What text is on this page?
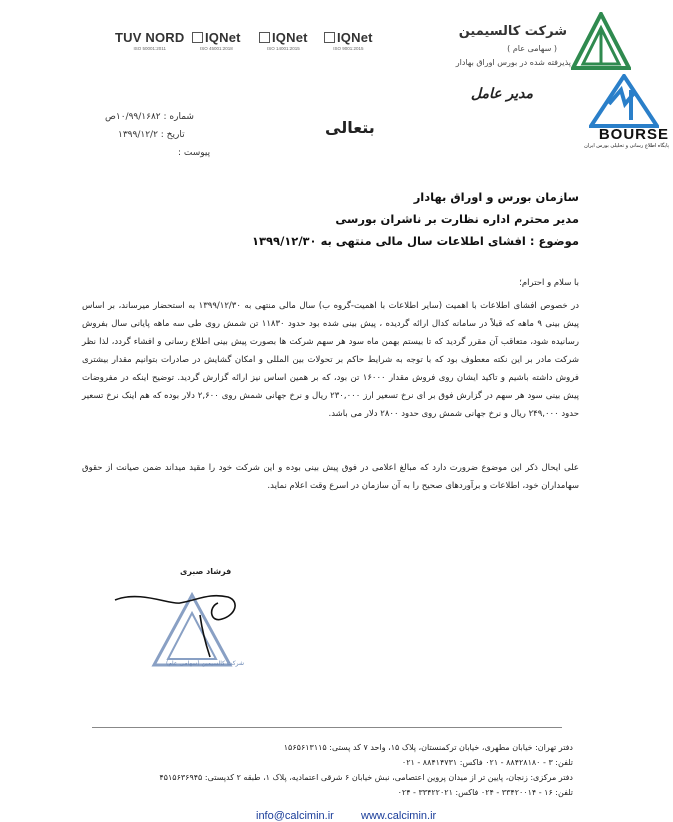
TUV NORD
ISO 50001:2011
IQNet
ISO 45001:2018
IQNet
ISO 14001:2015
IQNet
ISO 9001:2015
شرکت کالسیمین
( سهامی عام )
پذیرفته شده در بورس اوراق بهادار
مدیر عامل
BOURSE
پایگاه اطلاع رسانی و تحلیلی بورس ایران
شماره : ۱۰/۹۹/۱۶۸۲ص
تاریخ : ۱۳۹۹/۱۲/۲
پیوست :
بتعالی
سازمان بورس و اوراق بهادار
مدیر محترم اداره نظارت بر ناشران بورسی
موضوع : افشای اطلاعات سال مالی منتهی به ۱۳۹۹/۱۲/۳۰
با سلام و احترام؛
در خصوص افشای اطلاعات با اهمیت (سایر اطلاعات با اهمیت-گروه ب) سال مالی منتهی به ۱۳۹۹/۱۲/۳۰ به استحضار میرساند، بر اساس پیش بینی ۹ ماهه که قبلاً در سامانه کدال ارائه گردیده ، پیش بینی شده بود حدود ۱۱۸۳۰ تن شمش روی طی سه ماهه پایانی سال بفروش رسانیده شود، متعاقب آن مقرر گردید که تا بیستم بهمن ماه سود هر سهم شرکت ها بصورت پیش بینی اطلاع رسانی و افشاء گردد، لذا نظر شرکت مادر بر این نکته معطوف بود که با توجه به شرایط حاکم بر تحولات بین المللی و امکان گشایش در صادرات بتوانیم مقدار بیشتری فروش داشته باشیم و تاکید ایشان روی فروش مقدار ۱۶۰۰۰ تن بود، که بر همین اساس نیز ارائه گزارش گردید. توضیح اینکه در مفروضات پیش بینی سود هر سهم در گزارش فوق بر ای نرخ تسعیر ارز ۲۳۰,۰۰۰ ریال و نرخ جهانی شمش روی ۲,۶۰۰ دلار بوده که هم اینک نرخ تسعیر حدود ۲۴۹,۰۰۰ ریال و نرخ جهانی شمش روی حدود ۲۸۰۰ دلار می باشد.
علی ایحال ذکر این موضوع ضرورت دارد که مبالغ اعلامی در فوق پیش بینی بوده و این شرکت خود را مقید میداند ضمن صیانت از حقوق سهامداران خود، اطلاعات و برآوردهای صحیح را به آن سازمان در اسرع وقت اعلام نماید.
فرشاد صبری
شرکت کالسیمین (سهامی عام)
دفتر تهران: خیابان مطهری، خیابان ترکمنستان، پلاک ۱۵، واحد ۷ کد پستی: ۱۵۶۵۶۱۳۱۱۵
تلفن: ۳ - ۸۸۴۲۸۱۸۰ - ۰۲۱ فاکس: ۸۸۴۱۴۷۳۱ - ۰۲۱
دفتر مرکزی: زنجان، پایین تر از میدان پروین اعتصامی، نبش خیابان ۶ شرقی اعتمادیه، پلاک ۱، طبقه ۲ کدپستی: ۴۵۱۵۶۳۶۹۴۵
تلفن: ۱۶ - ۳۳۴۲۰۰۱۴ - ۰۲۴ فاکس: ۳۳۴۲۲۰۲۱ - ۰۲۴
info@calcimin.ir www.calcimin.ir
